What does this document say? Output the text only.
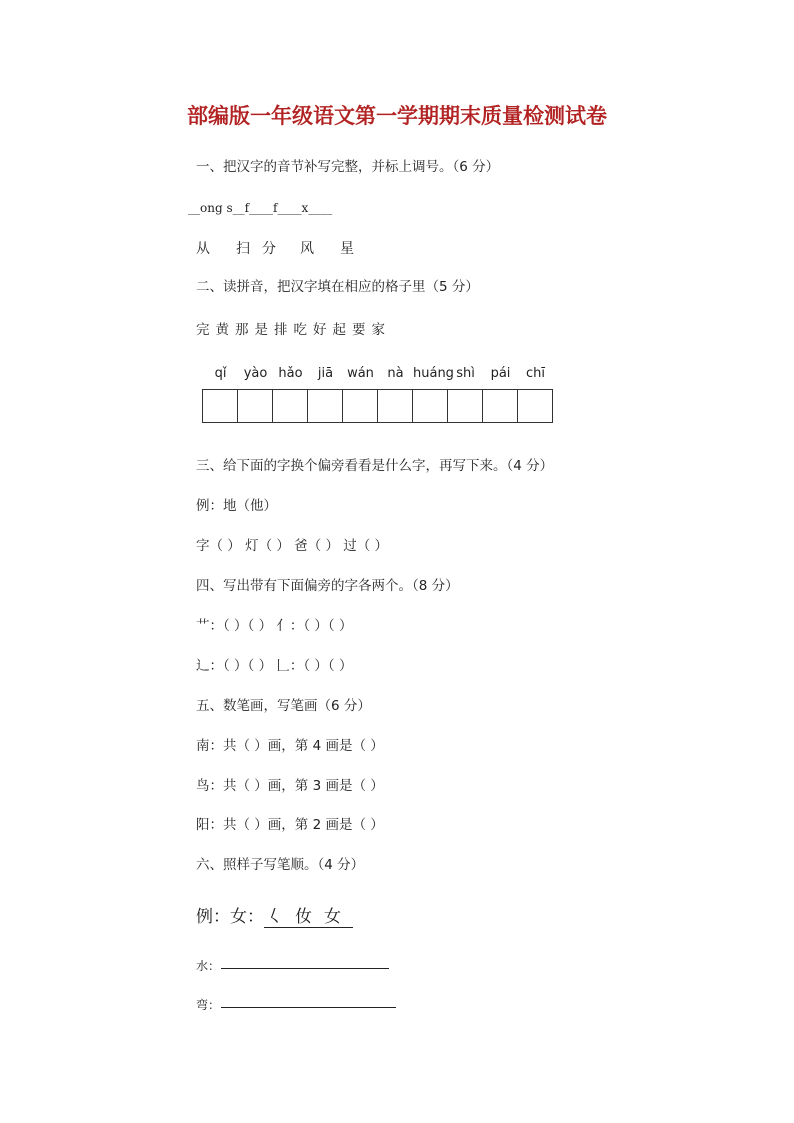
部编版一年级语文第一学期期末质量检测试卷
一、把汉字的音节补写完整，并标上调号。（6 分）
__ong s__f____f____x____
从 扫 分 风 星
二、读拼音，把汉字填在相应的格子里（5 分）
完 黄 那 是 排 吃 好 起 要 家
qǐ	yào hǎo	jiā	wán	nà huáng shì	pái	chī
三、给下面的字换个偏旁看看是什么字，再写下来。（4 分）
例：地（他）
字（ ） 灯（ ） 爸（ ） 过（ ）
四、写出带有下面偏旁的字各两个。（8 分）
艹：（ ）（ ） 亻：（ ）（ ）
辶：（ ）（ ） 𠃊：（ ）（ ）
五、数笔画，写笔画（6 分）
南：共（ ）画，第 4 画是（ ）
鸟：共（ ）画，第 3 画是（ ）
阳：共（ ）画，第 2 画是（ ）
六、照样子写笔顺。（4 分）
例：女： 𡿨 㚢 女
水：
弯：
